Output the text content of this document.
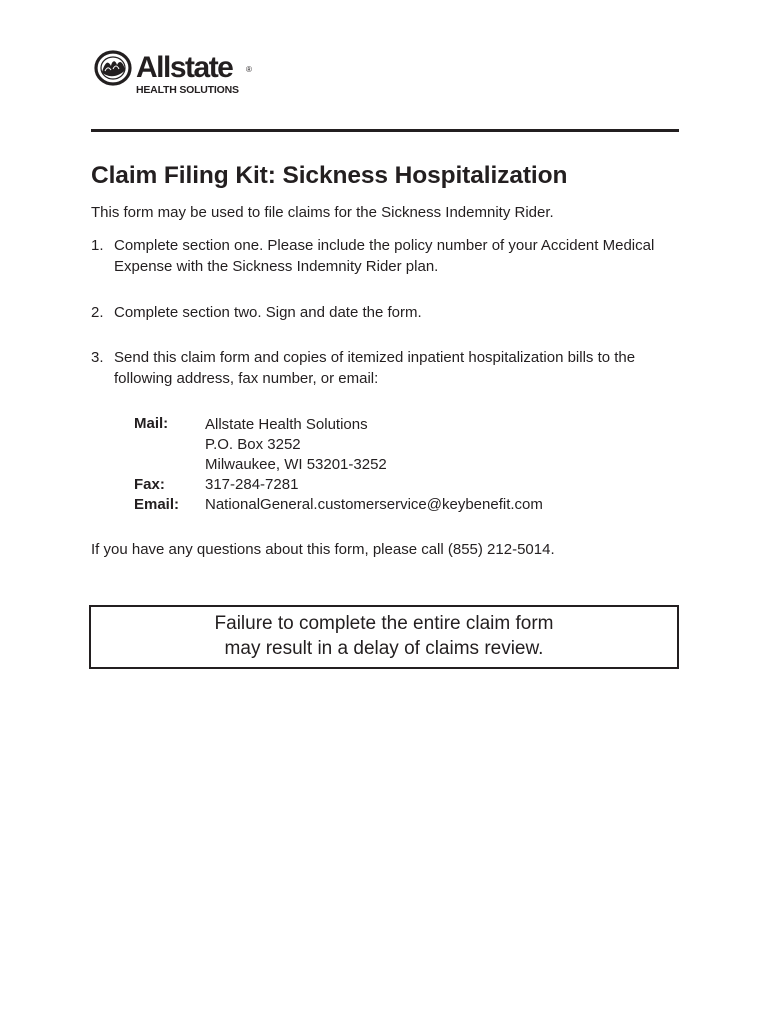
Allstate ®
HEALTH SOLUTIONS
Claim Filing Kit: Sickness Hospitalization

This form may be used to file claims for the Sickness Indemnity Rider.

1. Complete section one. Please include the policy number of your Accident Medical Expense with the Sickness Indemnity Rider plan.
2. Complete section two. Sign and date the form.
3. Send this claim form and copies of itemized inpatient hospitalization bills to the following address, fax number, or email:
Mail: Allstate Health Solutions
P.O. Box 3252
Milwaukee, WI 53201-3252
Fax:	317-284-7281
Email: NationalGeneral.customerservice@keybenefit.com

If you have any questions about this form, please call (855) 212-5014.

Failure to complete the entire claim form
may result in a delay of claims review.
